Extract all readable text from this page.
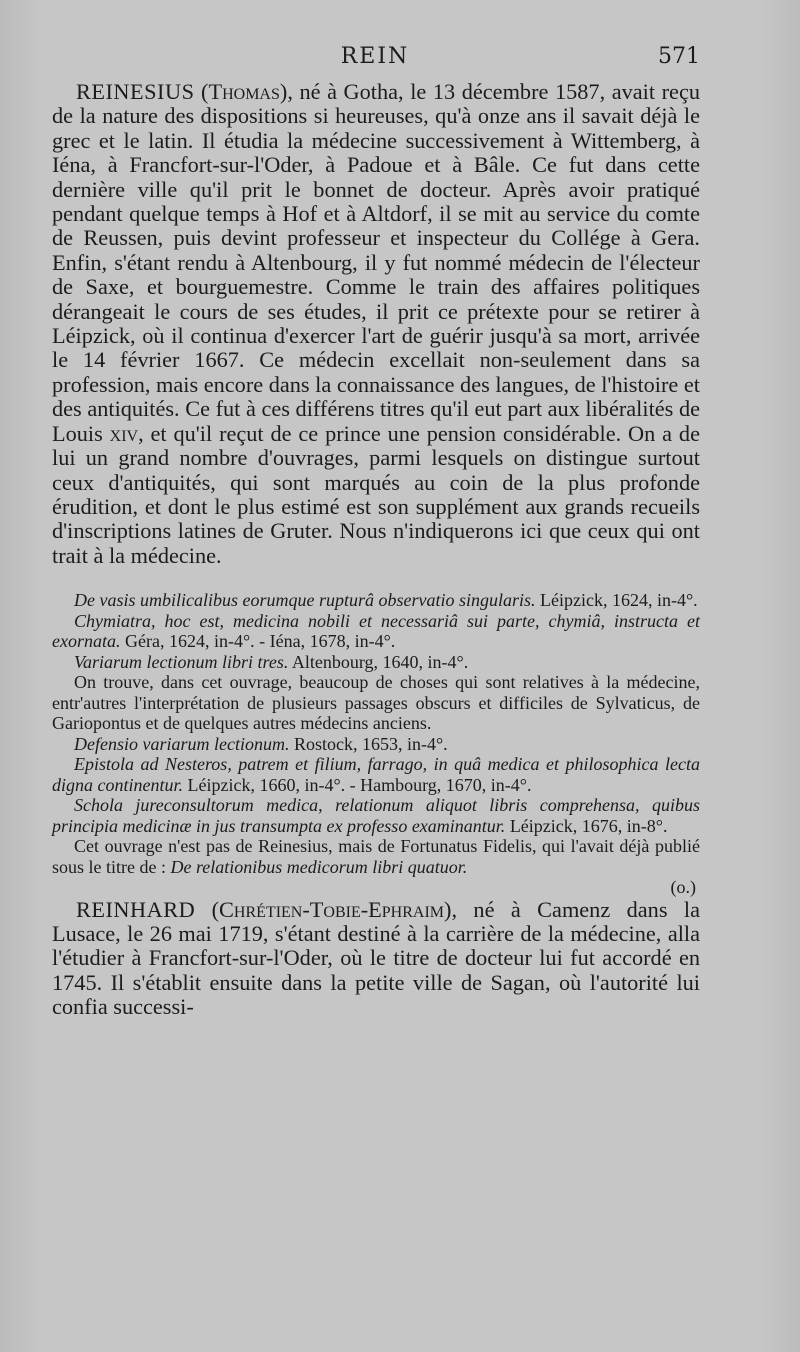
REIN	571

REINESIUS (Thomas), né à Gotha, le 13 décembre 1587, avait reçu de la nature des dispositions si heureuses, qu'à onze ans il savait déjà le grec et le latin. Il étudia la médecine successivement à Wittemberg, à Iéna, à Francfort-sur-l'Oder, à Padoue et à Bâle. Ce fut dans cette dernière ville qu'il prit le bonnet de docteur. Après avoir pratiqué pendant quelque temps à Hof et à Altdorf, il se mit au service du comte de Reussen, puis devint professeur et inspecteur du Collége à Gera. Enfin, s'étant rendu à Altenbourg, il y fut nommé médecin de l'électeur de Saxe, et bourguemestre. Comme le train des affaires politiques dérangeait le cours de ses études, il prit ce prétexte pour se retirer à Léipzick, où il continua d'exercer l'art de guérir jusqu'à sa mort, arrivée le 14 février 1667. Ce médecin excellait non-seulement dans sa profession, mais encore dans la connaissance des langues, de l'histoire et des antiquités. Ce fut à ces différens titres qu'il eut part aux libéralités de Louis xiv, et qu'il reçut de ce prince une pension considérable. On a de lui un grand nombre d'ouvrages, parmi lesquels on distingue surtout ceux d'antiquités, qui sont marqués au coin de la plus profonde érudition, et dont le plus estimé est son supplément aux grands recueils d'inscriptions latines de Gruter. Nous n'indiquerons ici que ceux qui ont trait à la médecine.

De vasis umbilicalibus eorumque rupturâ observatio singularis. Léipzick, 1624, in-4°.

Chymiatra, hoc est, medicina nobili et necessariâ sui parte, chymiâ, instructa et exornata. Géra, 1624, in-4°. - Iéna, 1678, in-4°.

Variarum lectionum libri tres. Altenbourg, 1640, in-4°.

On trouve, dans cet ouvrage, beaucoup de choses qui sont relatives à la médecine, entr'autres l'interprétation de plusieurs passages obscurs et difficiles de Sylvaticus, de Gariopontus et de quelques autres médecins anciens.

Defensio variarum lectionum. Rostock, 1653, in-4°.

Epistola ad Nesteros, patrem et filium, farrago, in quâ medica et philosophica lecta digna continentur. Léipzick, 1660, in-4°. - Hambourg, 1670, in-4°.

Schola jureconsultorum medica, relationum aliquot libris comprehensa, quibus principia medicinæ in jus transumpta ex professo examinantur. Léipzick, 1676, in-8°.

Cet ouvrage n'est pas de Reinesius, mais de Fortunatus Fidelis, qui l'avait déjà publié sous le titre de : De relationibus medicorum libri quatuor.

(o.)

REINHARD (Chrétien-Tobie-Ephraim), né à Camenz dans la Lusace, le 26 mai 1719, s'étant destiné à la carrière de la médecine, alla l'étudier à Francfort-sur-l'Oder, où le titre de docteur lui fut accordé en 1745. Il s'établit ensuite dans la petite ville de Sagan, où l'autorité lui confia successi-
